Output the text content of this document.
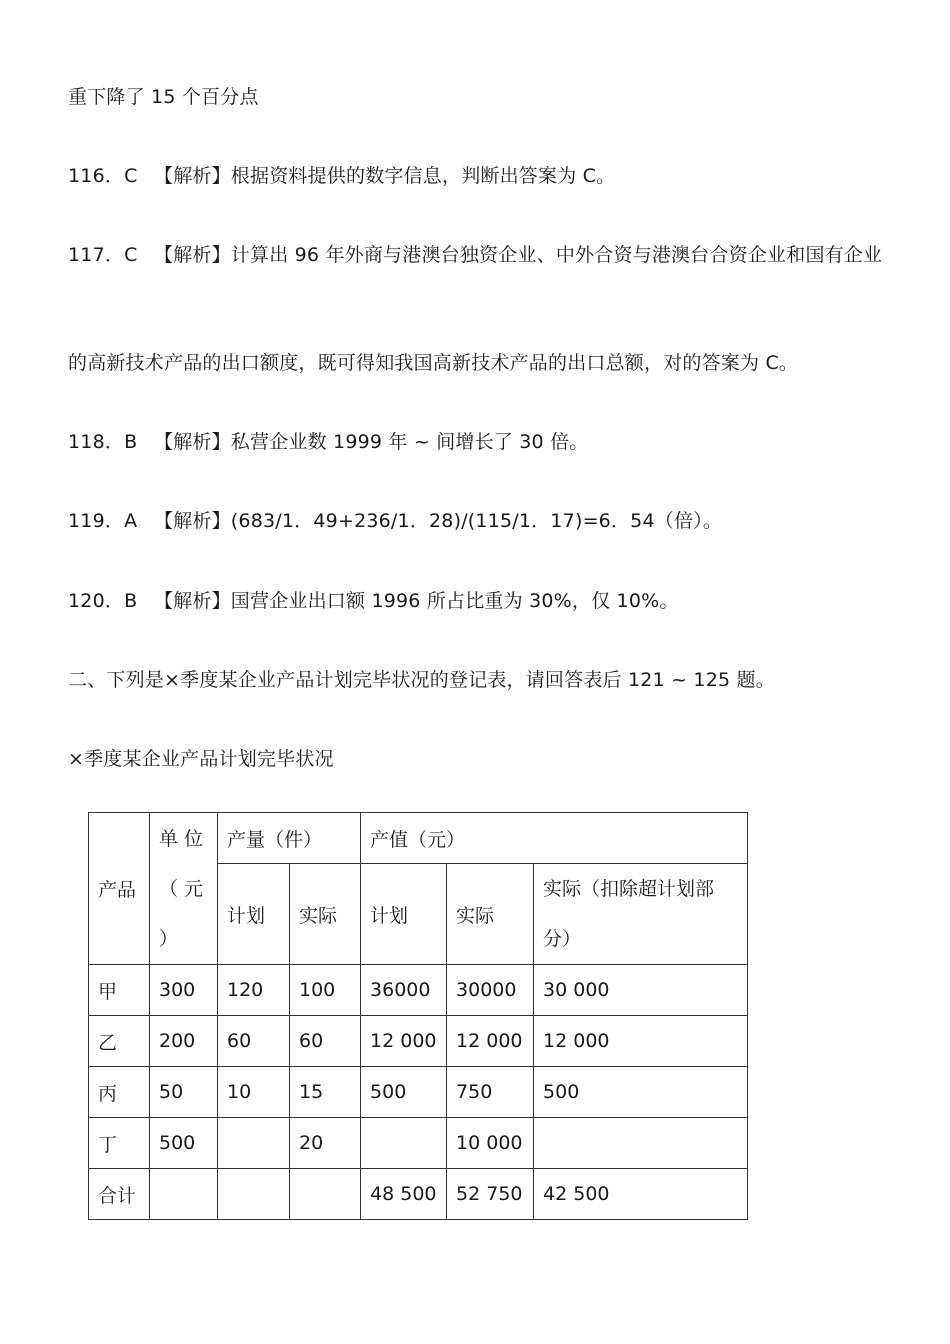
重下降了 15 个百分点
116．C 【解析】根据资料提供的数字信息，判断出答案为 C。
117．C 【解析】计算出 96 年外商与港澳台独资企业、中外合资与港澳台合资企业和国有企业
的高新技术产品的出口额度，既可得知我国高新技术产品的出口总额，对的答案为 C。
118．B 【解析】私营企业数 1999 年 ~ 间增长了 30 倍。
119．A 【解析】(683/1．49+236/1．28)/(115/1．17)=6．54（倍）。
120．B 【解析】国营企业出口额 1996 所占比重为 30%，仅 10%。
二、下列是×季度某企业产品计划完毕状况的登记表，请回答表后 121 ~ 125 题。
×季度某企业产品计划完毕状况
产品	单 位
（ 元
）	产量（件）		产值（元）		
		计划	实际	计划	实际	实际（扣除超计划部
分）
甲	300	120	100	36000	30000	30 000
乙	200	60	60	12 000	12 000	12 000
丙	50	10	15	500	750	500
丁	500		20		10 000	
合计				48 500	52 750	42 500
